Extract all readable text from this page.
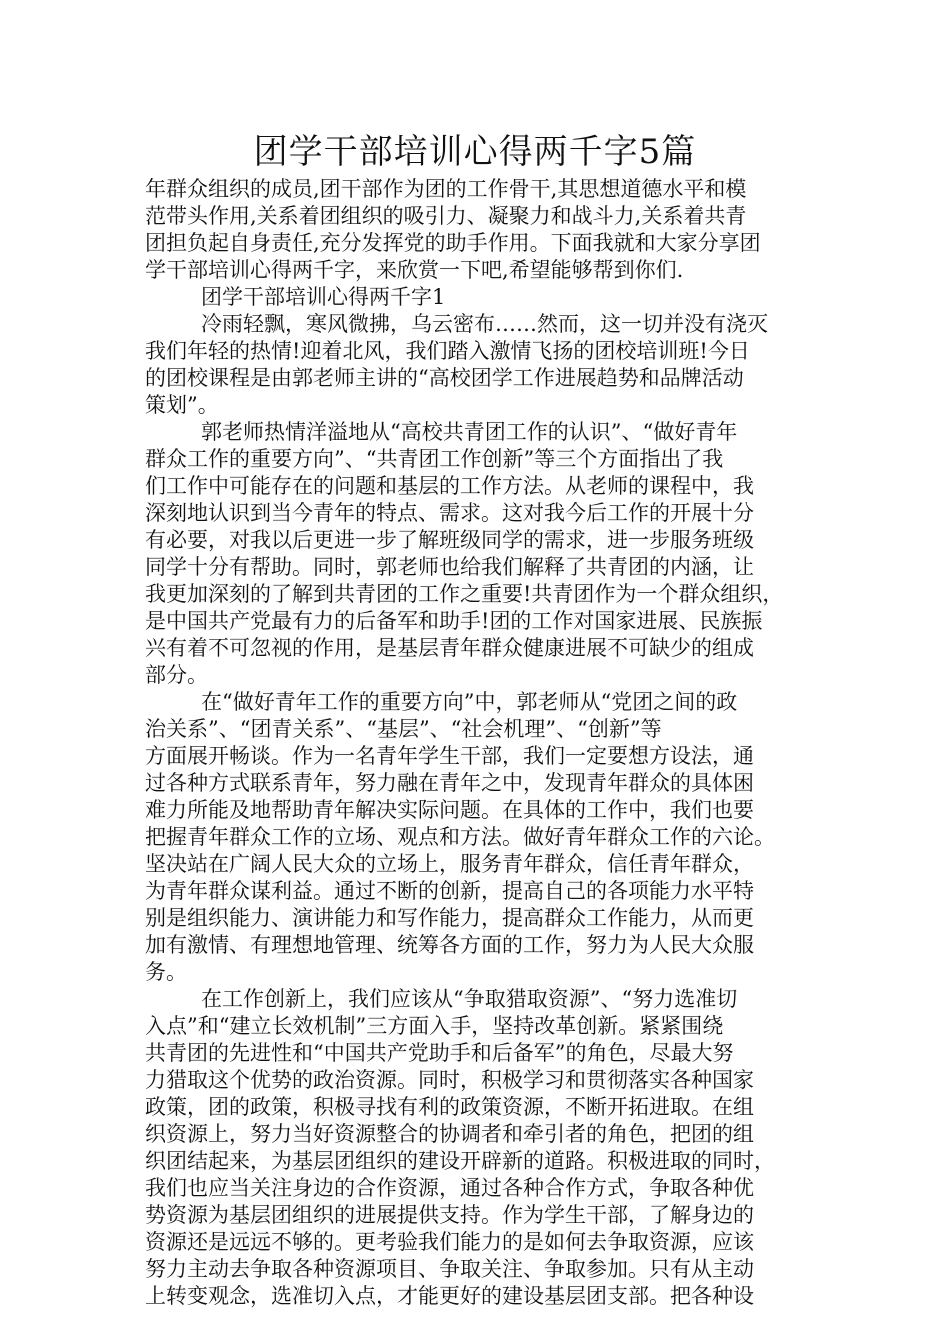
团学干部培训心得两千字5篇
年群众组织的成员,团干部作为团的工作骨干,其思想道德水平和模
范带头作用,关系着团组织的吸引力、凝聚力和战斗力,关系着共青
团担负起自身责任,充分发挥党的助手作用。下面我就和大家分享团
学干部培训心得两千字，来欣赏一下吧,希望能够帮到你们.
团学干部培训心得两千字1
冷雨轻飘，寒风微拂，乌云密布……然而，这一切并没有浇灭
我们年轻的热情!迎着北风，我们踏入激情飞扬的团校培训班!今日
的团校课程是由郭老师主讲的“高校团学工作进展趋势和品牌活动
策划”。
郭老师热情洋溢地从“高校共青团工作的认识”、“做好青年
群众工作的重要方向”、“共青团工作创新”等三个方面指出了我
们工作中可能存在的问题和基层的工作方法。从老师的课程中，我
深刻地认识到当今青年的特点、需求。这对我今后工作的开展十分
有必要，对我以后更进一步了解班级同学的需求，进一步服务班级
同学十分有帮助。同时，郭老师也给我们解释了共青团的内涵，让
我更加深刻的了解到共青团的工作之重要!共青团作为一个群众组织，
是中国共产党最有力的后备军和助手!团的工作对国家进展、民族振
兴有着不可忽视的作用，是基层青年群众健康进展不可缺少的组成
部分。
在“做好青年工作的重要方向”中，郭老师从“党团之间的政
治关系”、“团青关系”、“基层”、“社会机理”、“创新”等
方面展开畅谈。作为一名青年学生干部，我们一定要想方设法，通
过各种方式联系青年，努力融在青年之中，发现青年群众的具体困
难力所能及地帮助青年解决实际问题。在具体的工作中，我们也要
把握青年群众工作的立场、观点和方法。做好青年群众工作的六论。
坚决站在广阔人民大众的立场上，服务青年群众，信任青年群众，
为青年群众谋利益。通过不断的创新，提高自己的各项能力水平特
别是组织能力、演讲能力和写作能力，提高群众工作能力，从而更
加有激情、有理想地管理、统筹各方面的工作，努力为人民大众服
务。
在工作创新上，我们应该从“争取猎取资源”、“努力选准切
入点”和“建立长效机制”三方面入手，坚持改革创新。紧紧围绕
共青团的先进性和“中国共产党助手和后备军”的角色，尽最大努
力猎取这个优势的政治资源。同时，积极学习和贯彻落实各种国家
政策，团的政策，积极寻找有利的政策资源，不断开拓进取。在组
织资源上，努力当好资源整合的协调者和牵引者的角色，把团的组
织团结起来，为基层团组织的建设开辟新的道路。积极进取的同时，
我们也应当关注身边的合作资源，通过各种合作方式，争取各种优
势资源为基层团组织的进展提供支持。作为学生干部，了解身边的
资源还是远远不够的。更考验我们能力的是如何去争取资源，应该
努力主动去争取各种资源项目、争取关注、争取参加。只有从主动
上转变观念，选准切入点，才能更好的建设基层团支部。把各种设
